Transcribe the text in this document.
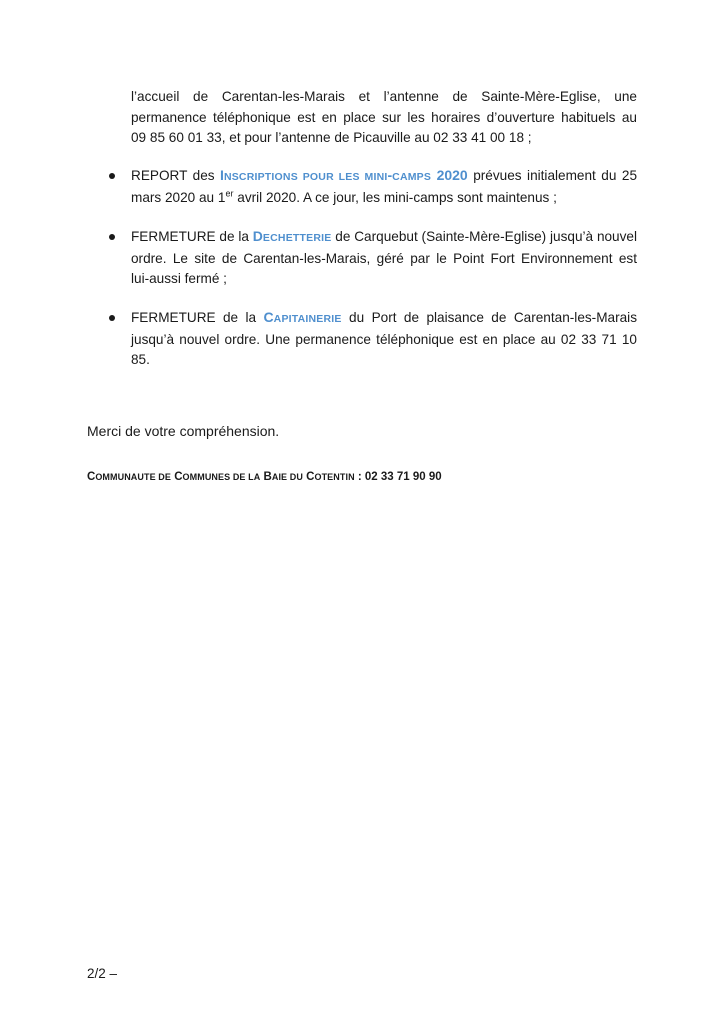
l’accueil de Carentan-les-Marais et l’antenne de Sainte-Mère-Eglise, une
permanence téléphonique est en place sur les horaires d’ouverture habituels au
09 85 60 01 33, et pour l’antenne de Picauville au 02 33 41 00 18 ;
REPORT des INSCRIPTIONS POUR LES MINI-CAMPS 2020 prévues initialement du 25
mars 2020 au 1er avril 2020. A ce jour, les mini-camps sont maintenus ;
FERMETURE de la DECHETTERIE de Carquebut (Sainte-Mère-Eglise) jusqu’à nouvel
ordre. Le site de Carentan-les-Marais, géré par le Point Fort Environnement est
lui-aussi fermé ;
FERMETURE de la CAPITAINERIE du Port de plaisance de Carentan-les-Marais
jusqu’à nouvel ordre. Une permanence téléphonique est en place au 02 33 71 10
85.
Merci de votre compréhension.
COMMUNAUTE DE COMMUNES DE LA BAIE DU COTENTIN : 02 33 71 90 90
2/2 –
